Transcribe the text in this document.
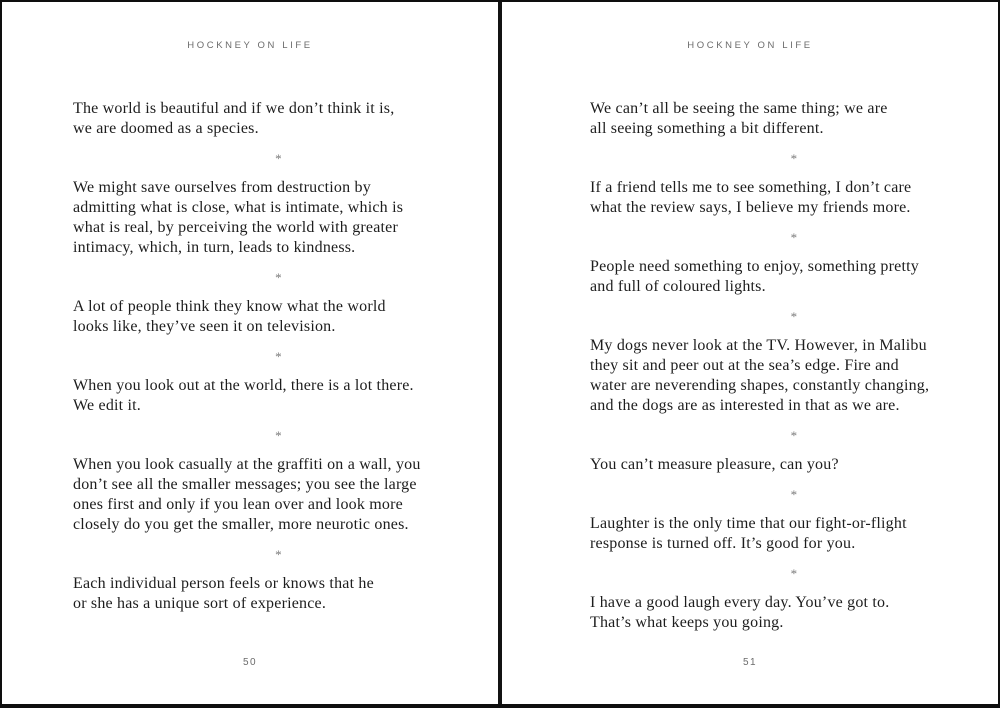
HOCKNEY ON LIFE
The world is beautiful and if we don’t think it is,
we are doomed as a species.
*
We might save ourselves from destruction by
admitting what is close, what is intimate, which is
what is real, by perceiving the world with greater
intimacy, which, in turn, leads to kindness.
*
A lot of people think they know what the world
looks like, they’ve seen it on television.
*
When you look out at the world, there is a lot there.
We edit it.
*
When you look casually at the graffiti on a wall, you
don’t see all the smaller messages; you see the large
ones first and only if you lean over and look more
closely do you get the smaller, more neurotic ones.
*
Each individual person feels or knows that he
or she has a unique sort of experience.
50
HOCKNEY ON LIFE
We can’t all be seeing the same thing; we are
all seeing something a bit different.
*
If a friend tells me to see something, I don’t care
what the review says, I believe my friends more.
*
People need something to enjoy, something pretty
and full of coloured lights.
*
My dogs never look at the TV. However, in Malibu
they sit and peer out at the sea’s edge. Fire and
water are neverending shapes, constantly changing,
and the dogs are as interested in that as we are.
*
You can’t measure pleasure, can you?
*
Laughter is the only time that our fight-or-flight
response is turned off. It’s good for you.
*
I have a good laugh every day. You’ve got to.
That’s what keeps you going.
51
